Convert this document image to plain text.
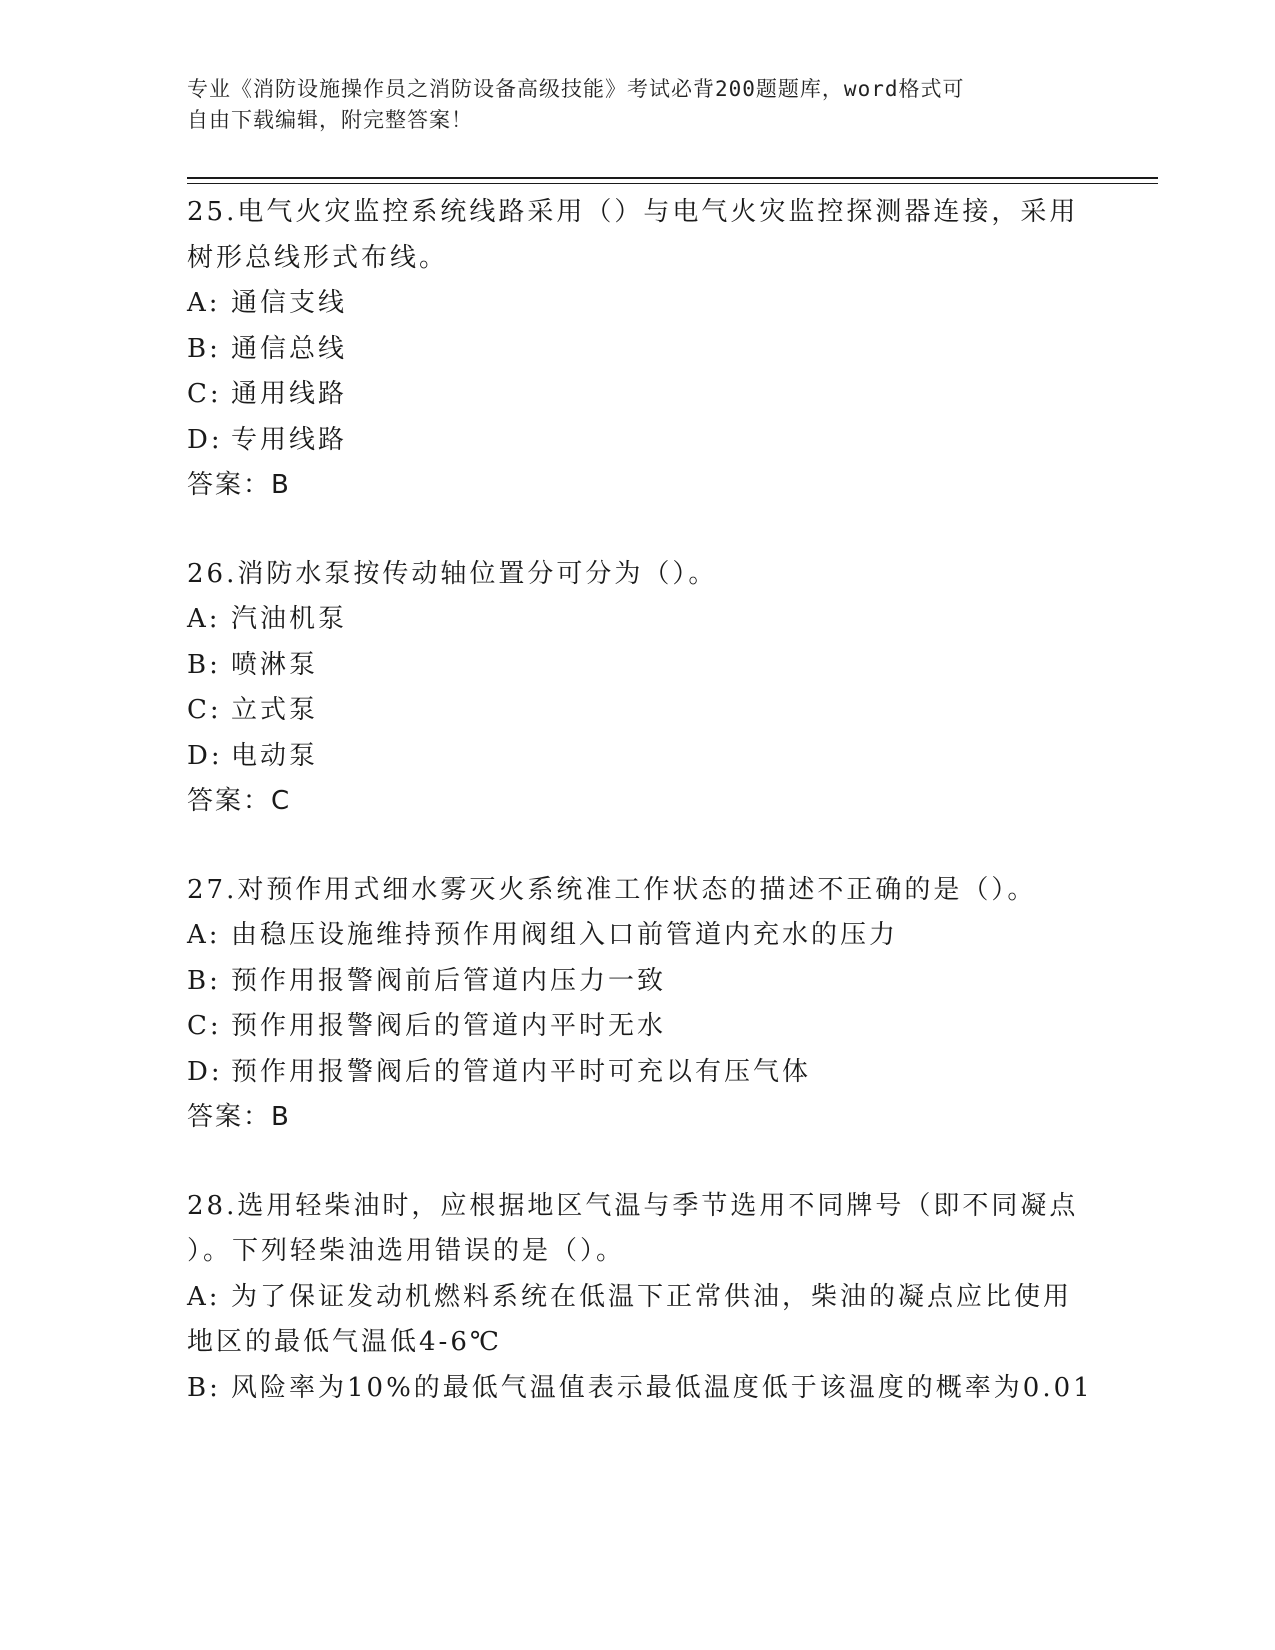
专业《消防设施操作员之消防设备高级技能》考试必背200题题库，word格式可
自由下载编辑，附完整答案！
25.电气火灾监控系统线路采用（）与电气火灾监控探测器连接，采用
树形总线形式布线。
A: 通信支线
B: 通信总线
C: 通用线路
D: 专用线路
答案：B
26.消防水泵按传动轴位置分可分为（）。
A: 汽油机泵
B: 喷淋泵
C: 立式泵
D: 电动泵
答案：C
27.对预作用式细水雾灭火系统准工作状态的描述不正确的是（）。
A: 由稳压设施维持预作用阀组入口前管道内充水的压力
B: 预作用报警阀前后管道内压力一致
C: 预作用报警阀后的管道内平时无水
D: 预作用报警阀后的管道内平时可充以有压气体
答案：B
28.选用轻柴油时，应根据地区气温与季节选用不同牌号（即不同凝点
）。下列轻柴油选用错误的是（）。
A: 为了保证发动机燃料系统在低温下正常供油，柴油的凝点应比使用
地区的最低气温低4-6℃
B: 风险率为10%的最低气温值表示最低温度低于该温度的概率为0.01
